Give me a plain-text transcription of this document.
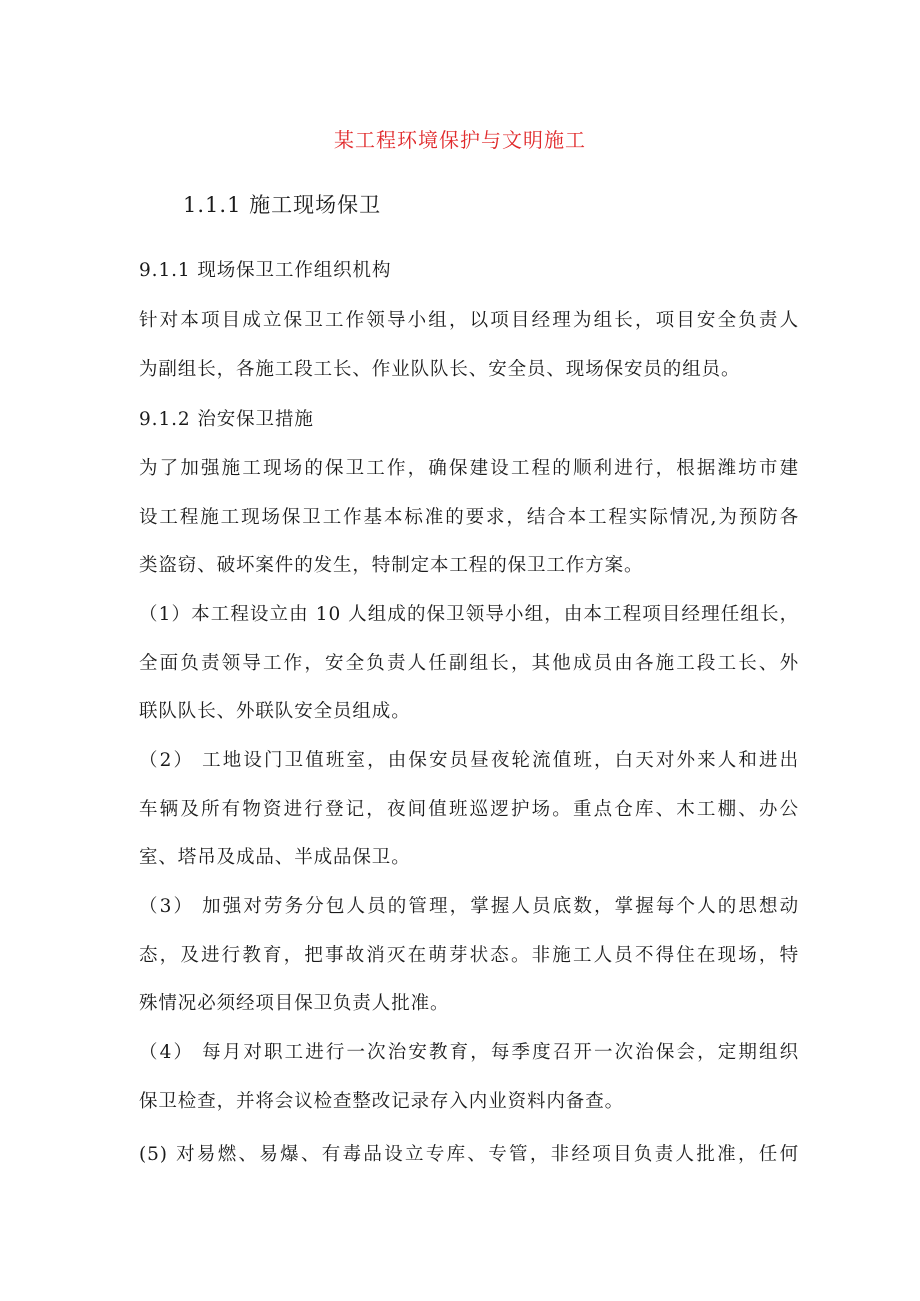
某工程环境保护与文明施工
1.1.1 施工现场保卫
9.1.1 现场保卫工作组织机构
针对本项目成立保卫工作领导小组，以项目经理为组长，项目安全负责人
为副组长，各施工段工长、作业队队长、安全员、现场保安员的组员。
9.1.2 治安保卫措施
为了加强施工现场的保卫工作，确保建设工程的顺利进行，根据潍坊市建
设工程施工现场保卫工作基本标准的要求，结合本工程实际情况,为预防各
类盗窃、破坏案件的发生，特制定本工程的保卫工作方案。
（1）本工程设立由 10 人组成的保卫领导小组，由本工程项目经理任组长，
全面负责领导工作，安全负责人任副组长，其他成员由各施工段工长、外
联队队长、外联队安全员组成。
（2） 工地设门卫值班室，由保安员昼夜轮流值班，白天对外来人和进出
车辆及所有物资进行登记，夜间值班巡逻护场。重点仓库、木工棚、办公
室、塔吊及成品、半成品保卫。
（3） 加强对劳务分包人员的管理，掌握人员底数，掌握每个人的思想动
态，及进行教育，把事故消灭在萌芽状态。非施工人员不得住在现场，特
殊情况必须经项目保卫负责人批准。
（4） 每月对职工进行一次治安教育，每季度召开一次治保会，定期组织
保卫检查，并将会议检查整改记录存入内业资料内备查。
(5) 对易燃、易爆、有毒品设立专库、专管，非经项目负责人批准，任何
